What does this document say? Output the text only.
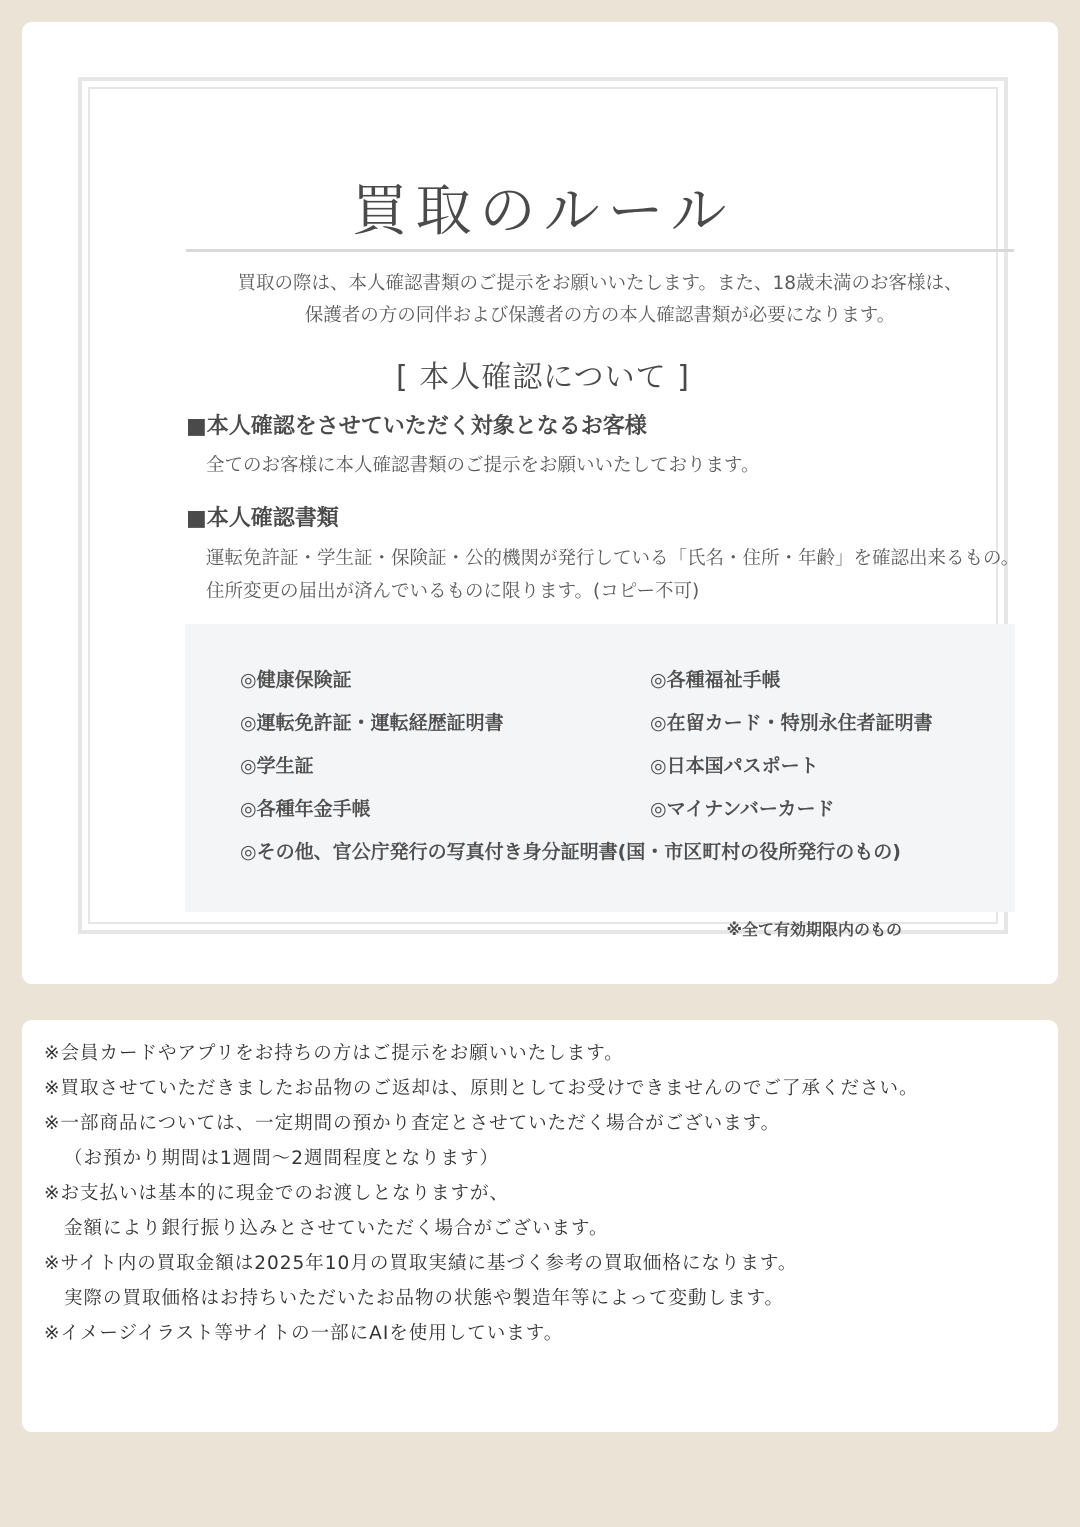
買取のルール
買取の際は、本人確認書類のご提示をお願いいたします。また、18歳未満のお客様は、
保護者の方の同伴および保護者の方の本人確認書類が必要になります。
[ 本人確認について ]
■本人確認をさせていただく対象となるお客様
全てのお客様に本人確認書類のご提示をお願いいたしております。
■本人確認書類
運転免許証・学生証・保険証・公的機関が発行している「氏名・住所・年齢」を確認出来るもの。
住所変更の届出が済んでいるものに限ります。(コピー不可)
◎健康保険証
◎運転免許証・運転経歴証明書
◎学生証
◎各種年金手帳
◎各種福祉手帳
◎在留カード・特別永住者証明書
◎日本国パスポート
◎マイナンバーカード
◎その他、官公庁発行の写真付き身分証明書(国・市区町村の役所発行のもの)
※全て有効期限内のもの
※会員カードやアプリをお持ちの方はご提示をお願いいたします。
※買取させていただきましたお品物のご返却は、原則としてお受けできませんのでご了承ください。
※一部商品については、一定期間の預かり査定とさせていただく場合がございます。
（お預かり期間は1週間〜2週間程度となります）
※お支払いは基本的に現金でのお渡しとなりますが、
金額により銀行振り込みとさせていただく場合がございます。
※サイト内の買取金額は2025年10月の買取実績に基づく参考の買取価格になります。
実際の買取価格はお持ちいただいたお品物の状態や製造年等によって変動します。
※イメージイラスト等サイトの一部にAIを使用しています。
